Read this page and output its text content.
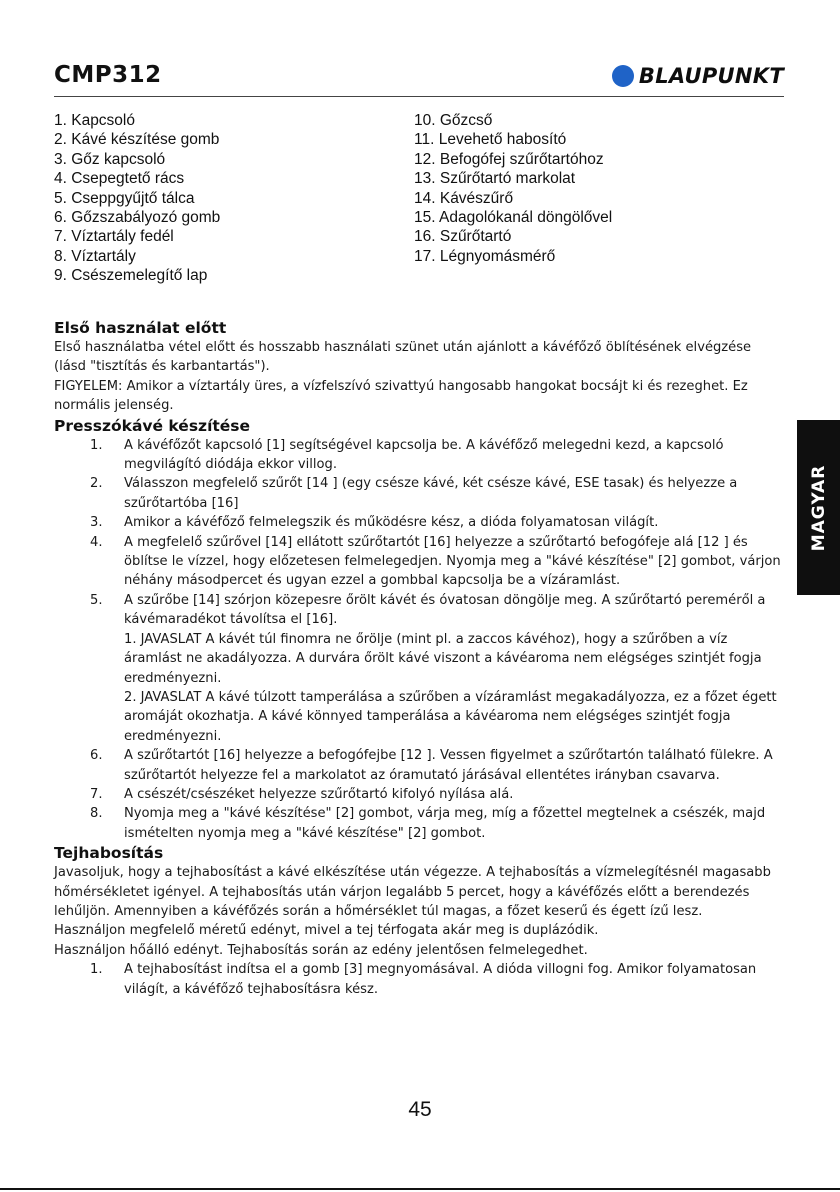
CMP312	BLAUPUNKT
1. Kapcsoló
2. Kávé készítése gomb
3. Gőz kapcsoló
4. Csepegtető rács
5. Cseppgyűjtő tálca
6. Gőzszabályozó gomb
7. Víztartály fedél
8. Víztartály
9. Csészemelegítő lap
10. Gőzcső
11. Levehető habosító
12. Befogófej szűrőtartóhoz
13. Szűrőtartó markolat
14. Kávészűrő
15. Adagolókanál döngölővel
16. Szűrőtartó
17. Légnyomásmérő
MAGYAR
Első használat előtt

Első használatba vétel előtt és hosszabb használati szünet után ajánlott a kávéfőző öblítésének elvégzése (lásd "tisztítás és karbantartás").

FIGYELEM: Amikor a víztartály üres, a vízfelszívó szivattyú hangosabb hangokat bocsájt ki és rezeghet. Ez normális jelenség.

Presszókávé készítése
1. A kávéfőzőt kapcsoló [1] segítségével kapcsolja be. A kávéfőző melegedni kezd, a kapcsoló megvilágító diódája ekkor villog.
2. Válasszon megfelelő szűrőt [14 ] (egy csésze kávé, két csésze kávé, ESE tasak) és helyezze a szűrőtartóba [16]
3. Amikor a kávéfőző felmelegszik és működésre kész, a dióda folyamatosan világít.
4. A megfelelő szűrővel [14] ellátott szűrőtartót [16] helyezze a szűrőtartó befogófeje alá [12 ] és öblítse le vízzel, hogy előzetesen felmelegedjen. Nyomja meg a "kávé készítése" [2] gombot, várjon néhány másodpercet és ugyan ezzel a gombbal kapcsolja be a vízáramlást.
5. A szűrőbe [14] szórjon közepesre őrölt kávét és óvatosan döngölje meg. A szűrőtartó pereméről a kávémaradékot távolítsa el [16].

1. JAVASLAT A kávét túl finomra ne őrölje (mint pl. a zaccos kávéhoz), hogy a szűrőben a víz áramlást ne akadályozza. A durvára őrölt kávé viszont a kávéaroma nem elégséges szintjét fogja eredményezni.

2. JAVASLAT A kávé túlzott tamperálása a szűrőben a vízáramlást megakadályozza, ez a főzet égett aromáját okozhatja. A kávé könnyed tamperálása a kávéaroma nem elégséges szintjét fogja eredményezni.

6. A szűrőtartót [16] helyezze a befogófejbe [12 ]. Vessen figyelmet a szűrőtartón található fülekre. A szűrőtartót helyezze fel a markolatot az óramutató járásával ellentétes irányban csavarva.
7. A csészét/csészéket helyezze szűrőtartó kifolyó nyílása alá.
8. Nyomja meg a "kávé készítése" [2] gombot, várja meg, míg a főzettel megtelnek a csészék, majd ismételten nyomja meg a "kávé készítése" [2] gombot.
Tejhabosítás

Javasoljuk, hogy a tejhabosítást a kávé elkészítése után végezze. A tejhabosítás a vízmelegítésnél magasabb hőmérsékletet igényel. A tejhabosítás után várjon legalább 5 percet, hogy a kávéfőzés előtt a berendezés lehűljön. Amennyiben a kávéfőzés során a hőmérséklet túl magas, a főzet keserű és égett ízű lesz.

Használjon megfelelő méretű edényt, mivel a tej térfogata akár meg is duplázódik.

Használjon hőálló edényt. Tejhabosítás során az edény jelentősen felmelegedhet.

1. A tejhabosítást indítsa el a gomb [3] megnyomásával. A dióda villogni fog. Amikor folyamatosan világít, a kávéfőző tejhabosításra kész.
45
